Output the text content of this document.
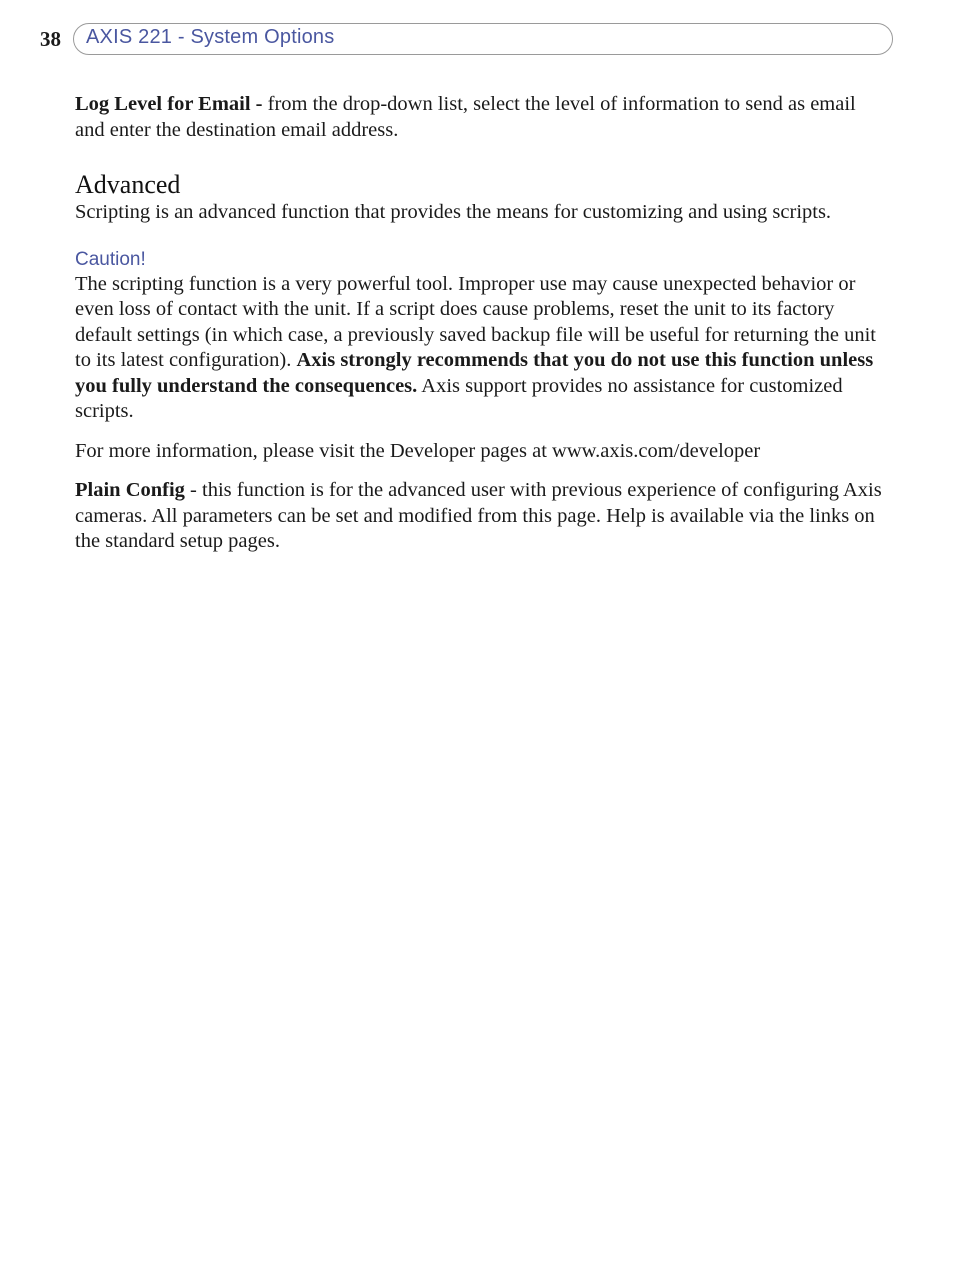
38 AXIS 221 - System Options

Log Level for Email - from the drop-down list, select the level of information to send as email and enter the destination email address.

Advanced

Scripting is an advanced function that provides the means for customizing and using scripts.

Caution!

The scripting function is a very powerful tool. Improper use may cause unexpected behavior or even loss of contact with the unit. If a script does cause problems, reset the unit to its factory default settings (in which case, a previously saved backup file will be useful for returning the unit to its latest configuration). Axis strongly recommends that you do not use this function unless you fully understand the consequences. Axis support provides no assistance for customized scripts.

For more information, please visit the Developer pages at www.axis.com/developer

Plain Config - this function is for the advanced user with previous experience of configuring Axis cameras. All parameters can be set and modified from this page. Help is available via the links on the standard setup pages.
